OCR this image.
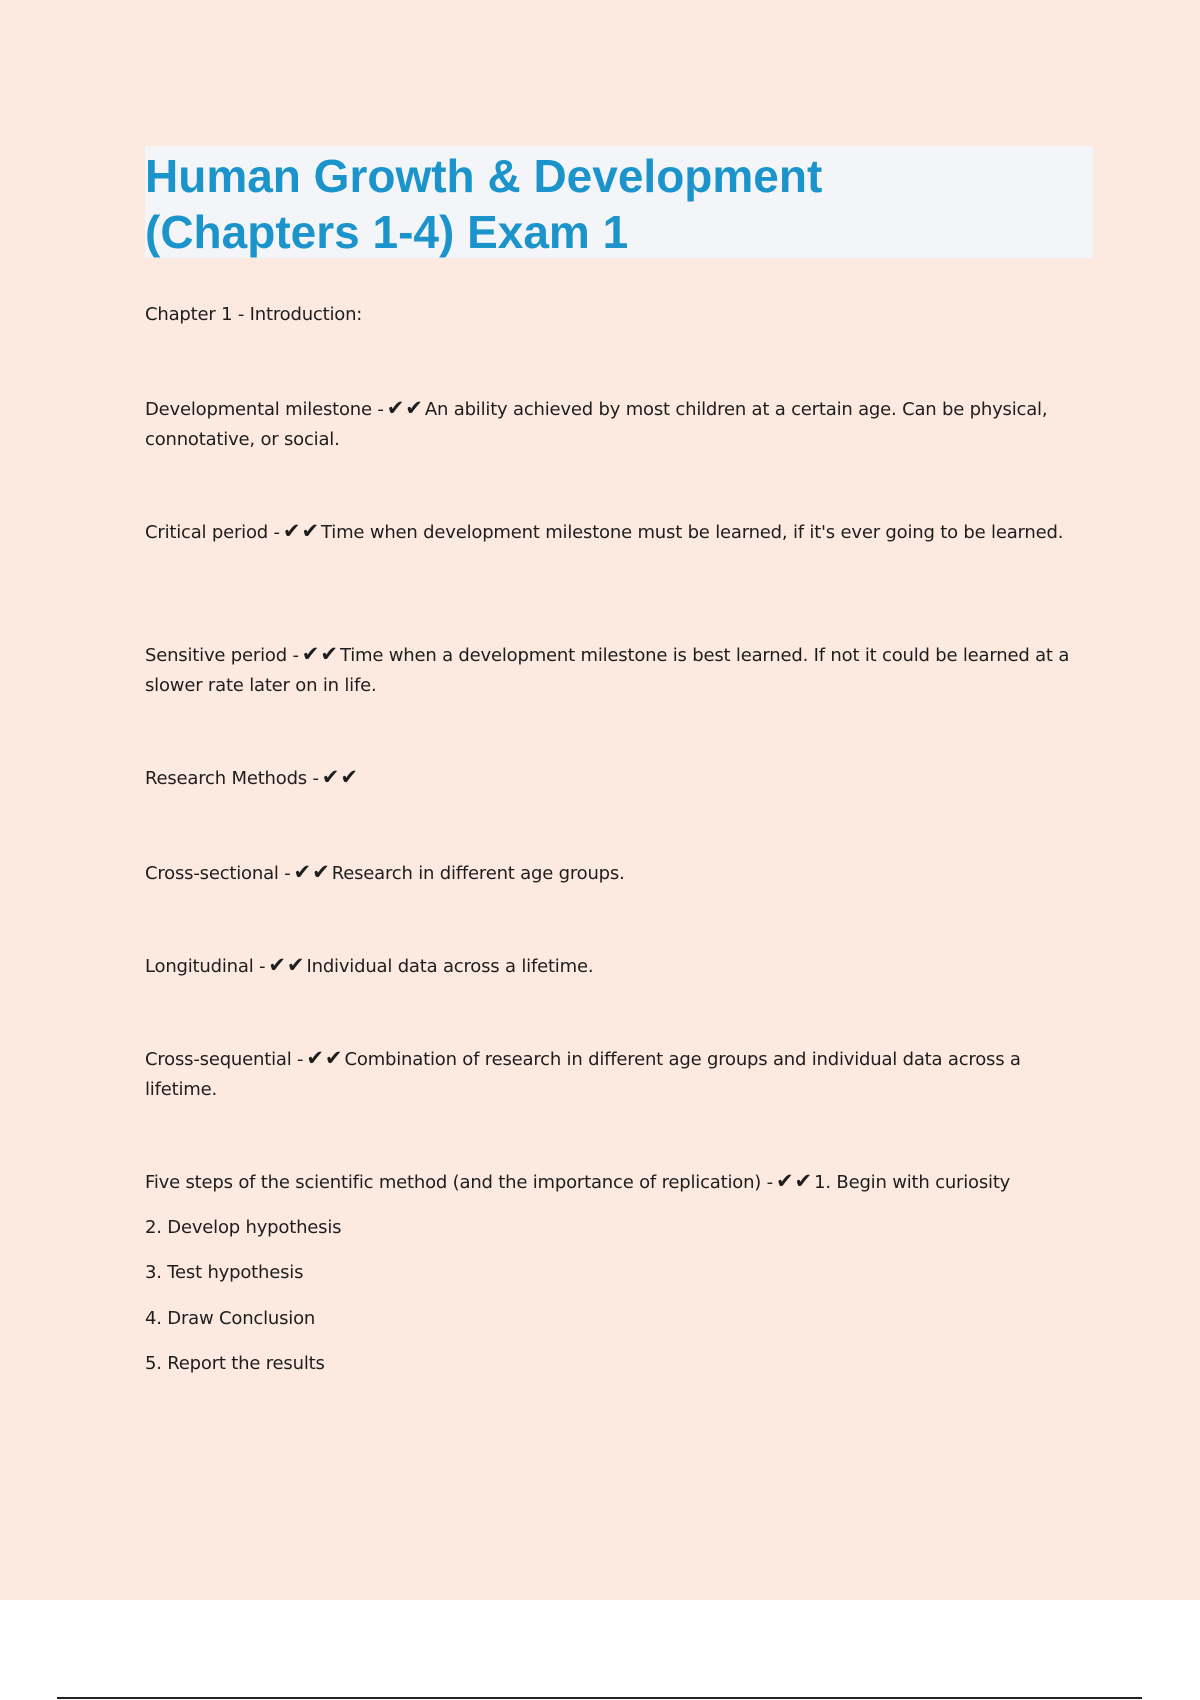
Human Growth & Development
(Chapters 1-4) Exam 1

Chapter 1 - Introduction:

Developmental milestone - ✔✔An ability achieved by most children at a certain age. Can be physical, connotative, or social.

Critical period - ✔✔Time when development milestone must be learned, if it's ever going to be learned.

Sensitive period - ✔✔Time when a development milestone is best learned. If not it could be learned at a slower rate later on in life.

Research Methods - ✔✔

Cross-sectional - ✔✔Research in different age groups.

Longitudinal - ✔✔Individual data across a lifetime.

Cross-sequential - ✔✔Combination of research in different age groups and individual data across a lifetime.

Five steps of the scientific method (and the importance of replication) - ✔✔1. Begin with curiosity

2. Develop hypothesis

3. Test hypothesis

4. Draw Conclusion

5. Report the results
